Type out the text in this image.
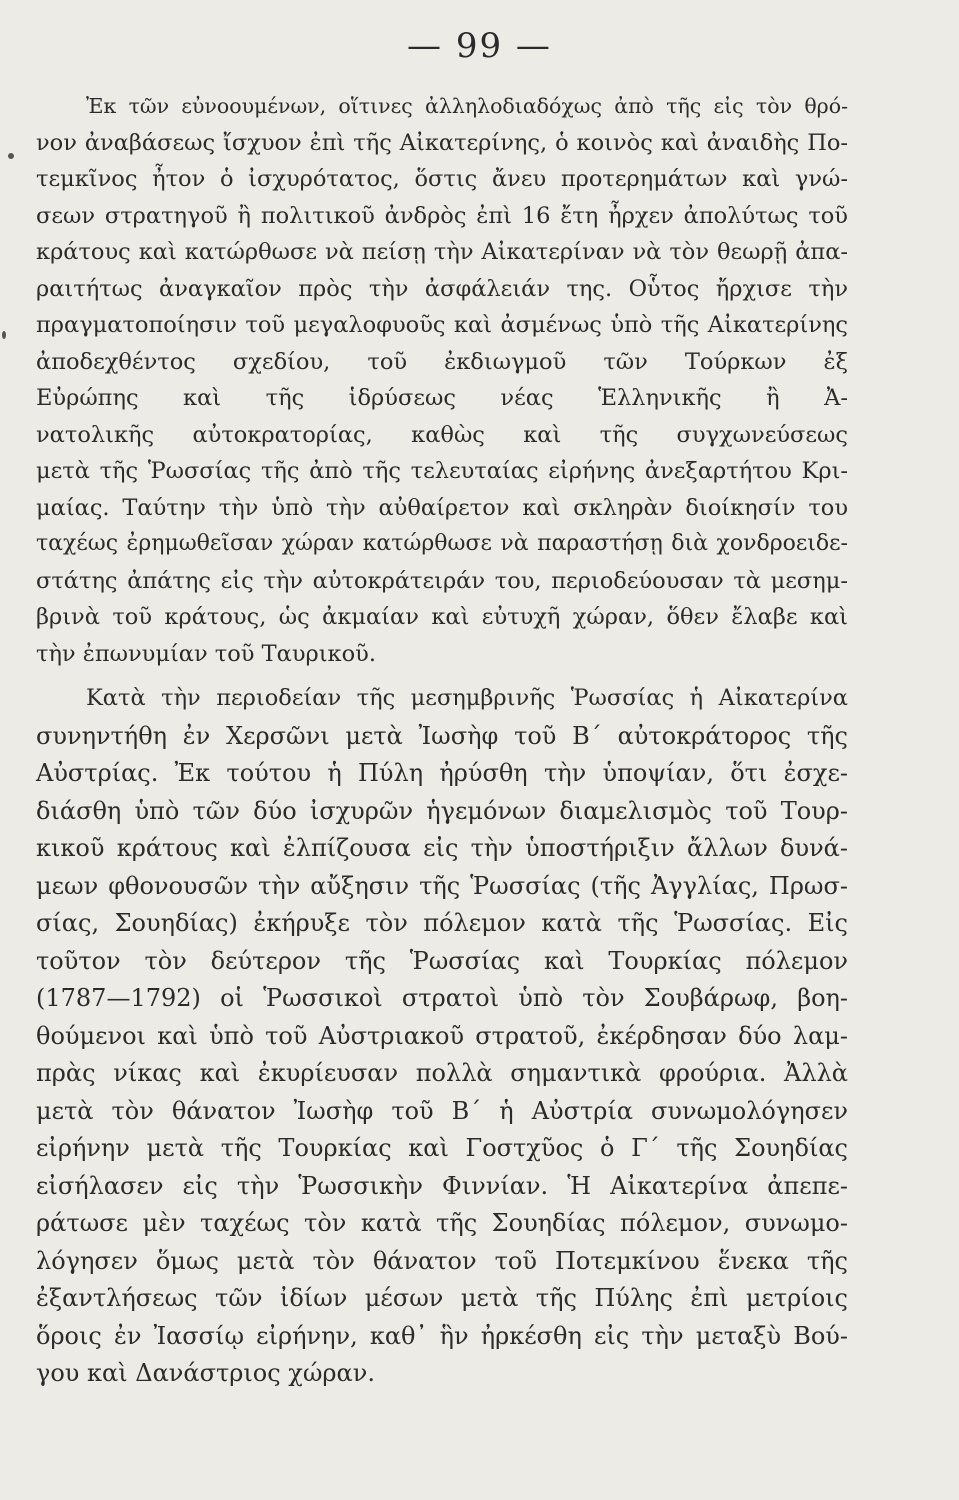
— 99 —
Ἐκ τῶν εὐνοουμένων, οἵτινες ἀλληλοδιαδόχως ἀπὸ τῆς εἰς τὸν θρό-
νον ἀναβάσεως ἴσχυον ἐπὶ τῆς Αἰκατερίνης, ὁ κοινὸς καὶ ἀναιδὴς Πο-
τεμκῖνος ἦτον ὁ ἰσχυρότατος, ὅστις ἄνευ προτερημάτων καὶ γνώ-
σεων στρατηγοῦ ἢ πολιτικοῦ ἀνδρὸς ἐπὶ 16 ἔτη ἦρχεν ἀπολύτως τοῦ
κράτους καὶ κατώρθωσε νὰ πείσῃ τὴν Αἰκατερίναν νὰ τὸν θεωρῇ ἀπα-
ραιτήτως ἀναγκαῖον πρὸς τὴν ἀσφάλειάν της. Οὗτος ἤρχισε τὴν
πραγματοποίησιν τοῦ μεγαλοφυοῦς καὶ ἀσμένως ὑπὸ τῆς Αἰκατερίνης
ἀποδεχθέντος σχεδίου, τοῦ ἐκδιωγμοῦ τῶν Τούρκων ἐξ
Εὐρώπης καὶ τῆς ἱδρύσεως νέας Ἑλληνικῆς ἢ Ἀ-
νατολικῆς αὐτοκρατορίας, καθὼς καὶ τῆς συγχωνεύσεως
μετὰ τῆς Ῥωσσίας τῆς ἀπὸ τῆς τελευταίας εἰρήνης ἀνεξαρτήτου Κρι-
μαίας. Ταύτην τὴν ὑπὸ τὴν αὐθαίρετον καὶ σκληρὰν διοίκησίν του
ταχέως ἐρημωθεῖσαν χώραν κατώρθωσε νὰ παραστήσῃ διὰ χονδροειδε-
στάτης ἀπάτης εἰς τὴν αὐτοκράτειράν του, περιοδεύουσαν τὰ μεσημ-
βρινὰ τοῦ κράτους, ὡς ἀκμαίαν καὶ εὐτυχῆ χώραν, ὅθεν ἔλαβε καὶ
τὴν ἐπωνυμίαν τοῦ Ταυρικοῦ.
Κατὰ τὴν περιοδείαν τῆς μεσημβρινῆς Ῥωσσίας ἡ Αἰκατερίνα
συνηντήθη ἐν Χερσῶνι μετὰ Ἰωσὴφ τοῦ Β΄ αὐτοκράτορος τῆς
Αὐστρίας. Ἐκ τούτου ἡ Πύλη ἠρύσθη τὴν ὑποψίαν, ὅτι ἐσχε-
διάσθη ὑπὸ τῶν δύο ἰσχυρῶν ἡγεμόνων διαμελισμὸς τοῦ Τουρ-
κικοῦ κράτους καὶ ἐλπίζουσα εἰς τὴν ὑποστήριξιν ἄλλων δυνά-
μεων φθονουσῶν τὴν αὔξησιν τῆς Ῥωσσίας (τῆς Ἀγγλίας, Πρωσ-
σίας, Σουηδίας) ἐκήρυξε τὸν πόλεμον κατὰ τῆς Ῥωσσίας. Εἰς
τοῦτον τὸν δεύτερον τῆς Ῥωσσίας καὶ Τουρκίας πόλεμον
(1787—1792) οἱ Ῥωσσικοὶ στρατοὶ ὑπὸ τὸν Σουβάρωφ, βοη-
θούμενοι καὶ ὑπὸ τοῦ Αὐστριακοῦ στρατοῦ, ἐκέρδησαν δύο λαμ-
πρὰς νίκας καὶ ἐκυρίευσαν πολλὰ σημαντικὰ φρούρια. Ἀλλὰ
μετὰ τὸν θάνατον Ἰωσὴφ τοῦ Β΄ ἡ Αὐστρία συνωμολόγησεν
εἰρήνην μετὰ τῆς Τουρκίας καὶ Γοστχῦος ὁ Γ΄ τῆς Σουηδίας
εἰσήλασεν εἰς τὴν Ῥωσσικὴν Φιννίαν. Ἡ Αἰκατερίνα ἀπεπε-
ράτωσε μὲν ταχέως τὸν κατὰ τῆς Σουηδίας πόλεμον, συνωμο-
λόγησεν ὅμως μετὰ τὸν θάνατον τοῦ Ποτεμκίνου ἕνεκα τῆς
ἐξαντλήσεως τῶν ἰδίων μέσων μετὰ τῆς Πύλης ἐπὶ μετρίοις
ὅροις ἐν Ἰασσίῳ εἰρήνην, καθ᾽ ἣν ἠρκέσθη εἰς τὴν μεταξὺ Βού-
γου καὶ Δανάστριος χώραν.
